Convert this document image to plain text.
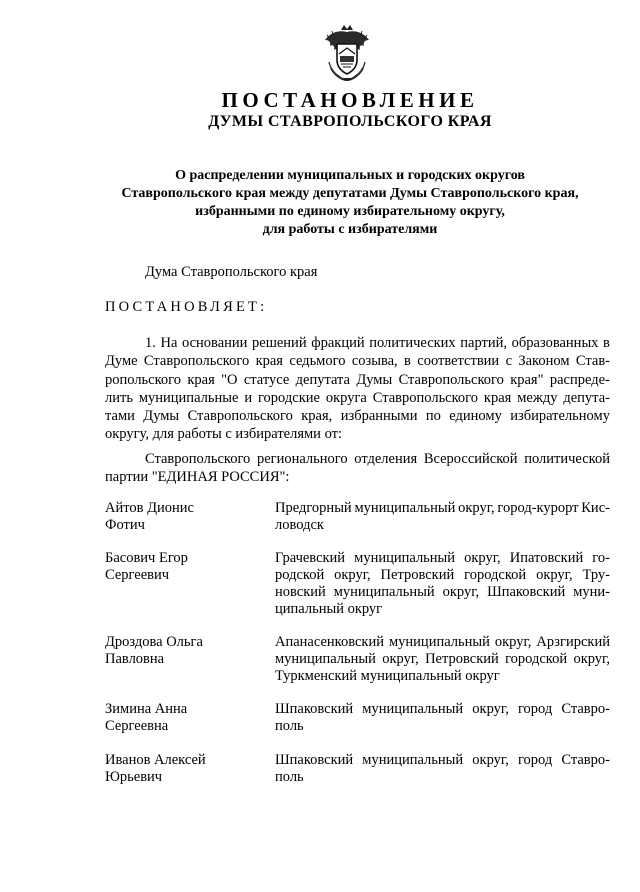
ПОСТАНОВЛЕНИЕ
ДУМЫ СТАВРОПОЛЬСКОГО КРАЯ
О распределении муниципальных и городских округов
Ставропольского края между депутатами Думы Ставропольского края,
избранными по единому избирательному округу,
для работы с избирателями
Дума Ставропольского края
ПОСТАНОВЛЯЕТ:
1. На основании решений фракций политических партий, образованных в
Думе Ставропольского края седьмого созыва, в соответствии с Законом Став-
ропольского края "О статусе депутата Думы Ставропольского края" распреде-
лить муниципальные и городские округа Ставропольского края между депута-
тами Думы Ставропольского края, избранными по единому избирательному
округу, для работы с избирателями от:
Ставропольского регионального отделения Всероссийской политической
партии "ЕДИНАЯ РОССИЯ":
Айтов Дионис
Фотич
Предгорный муниципальный округ, город-курорт Кис-
ловодск
Басович Егор
Сергеевич
Грачевский муниципальный округ, Ипатовский го-
родской округ, Петровский городской округ, Тру-
новский муниципальный округ, Шпаковский муни-
ципальный округ
Дроздова Ольга
Павловна
Апанасенковский муниципальный округ, Арзгирский
муниципальный округ, Петровский городской округ,
Туркменский муниципальный округ
Зимина Анна
Сергеевна
Шпаковский муниципальный округ, город Ставро-
поль
Иванов Алексей
Юрьевич
Шпаковский муниципальный округ, город Ставро-
поль
